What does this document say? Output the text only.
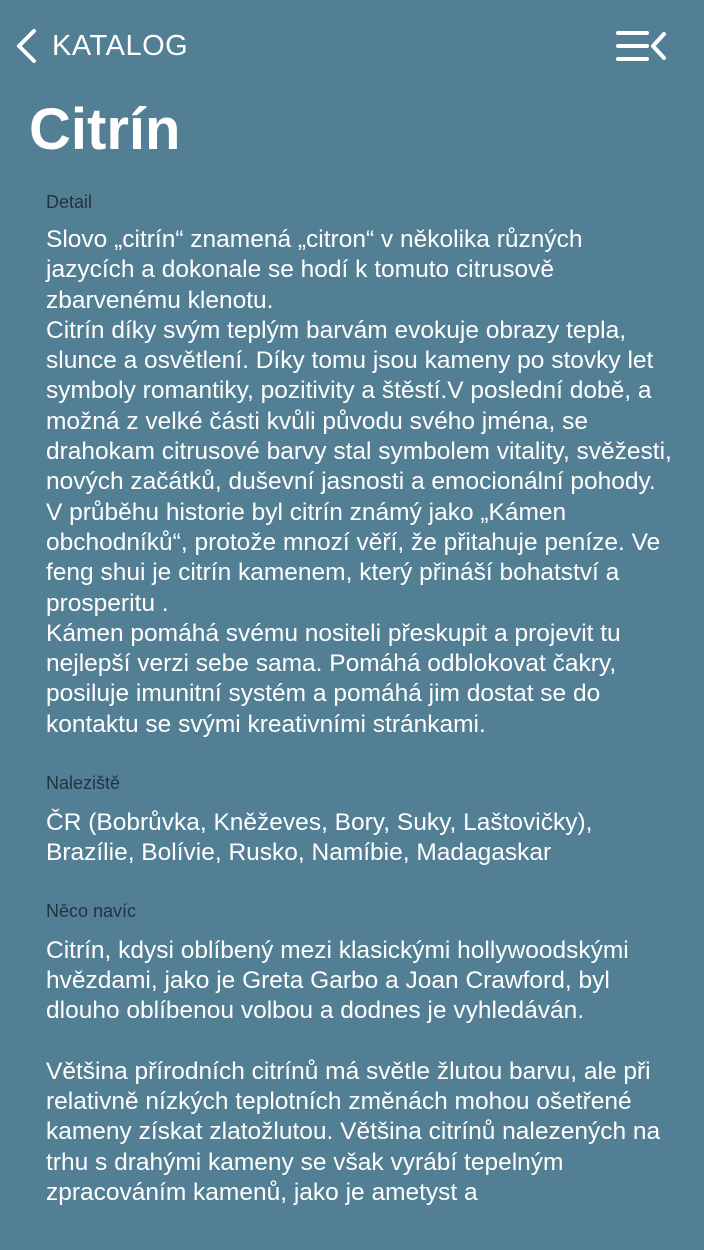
KATALOG
Citrín
Detail
Slovo „citrín“ znamená „citron“ v několika různých jazycích a dokonale se hodí k tomuto citrusově zbarvenému klenotu.
Citrín díky svým teplým barvám evokuje obrazy tepla, slunce a osvětlení. Díky tomu jsou kameny po stovky let symboly romantiky, pozitivity a štěstí.V poslední době, a možná z velké části kvůli původu svého jména, se drahokam citrusové barvy stal symbolem vitality, svěžesti, nových začátků, duševní jasnosti a emocionální pohody.
V průběhu historie byl citrín známý jako „Kámen obchodníků“, protože mnozí věří, že přitahuje peníze. Ve feng shui je citrín kamenem, který přináší bohatství a prosperitu .
Kámen pomáhá svému nositeli přeskupit a projevit tu nejlepší verzi sebe sama. Pomáhá odblokovat čakry, posiluje imunitní systém a pomáhá jim dostat se do kontaktu se svými kreativními stránkami.
Naleziště
ČR (Bobrůvka, Kněževes, Bory, Suky, Laštovičky), Brazílie, Bolívie, Rusko, Namíbie, Madagaskar
Něco navíc
Citrín, kdysi oblíbený mezi klasickými hollywoodskými hvězdami, jako je Greta Garbo a Joan Crawford, byl dlouho oblíbenou volbou a dodnes je vyhledáván.

Většina přírodních citrínů má světle žlutou barvu, ale při relativně nízkých teplotních změnách mohou ošetřené kameny získat zlatožlutou. Většina citrínů nalezených na trhu s drahými kameny se však vyrábí tepelným zpracováním kamenů, jako je ametyst a
